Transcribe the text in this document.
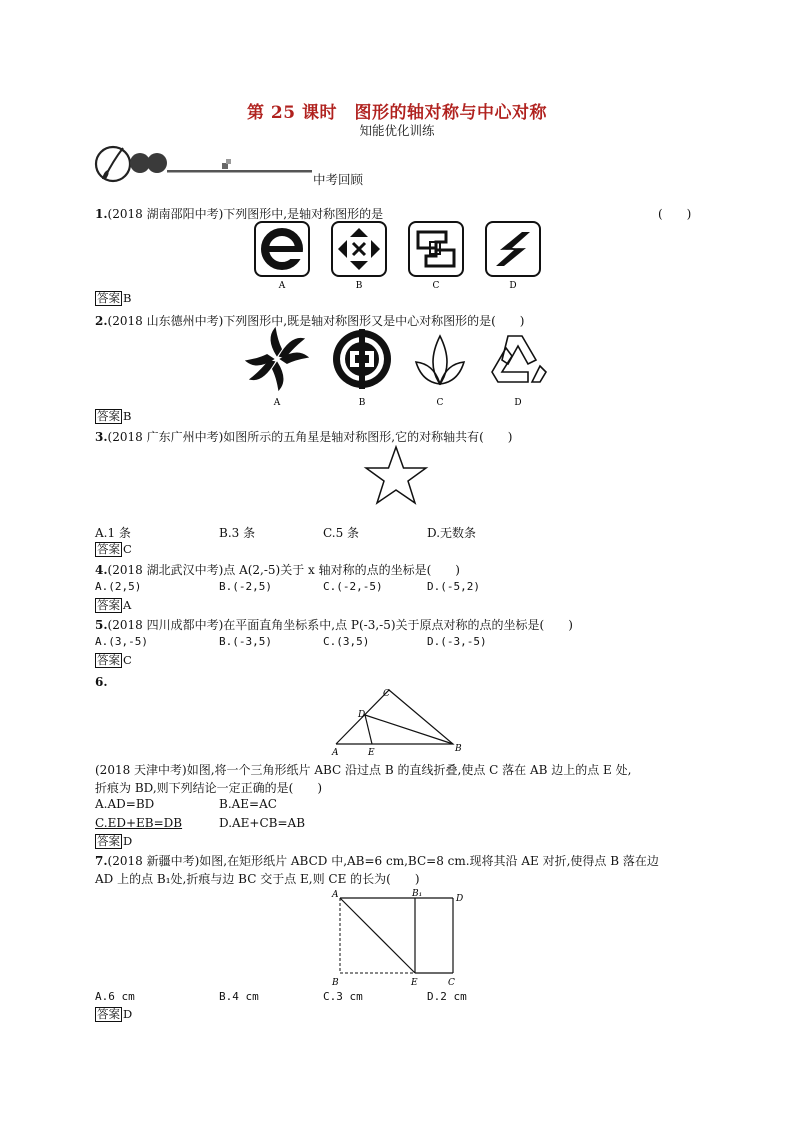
第 25 课时　图形的轴对称与中心对称
知能优化训练
中考回顾
1.(2018 湖南邵阳中考)下列图形中,是轴对称图形的是	(　　)
A	B	C	D
答案 B
2.(2018 山东德州中考)下列图形中,既是轴对称图形又是中心对称图形的是(　　)
A	B	C	D
答案 B
3.(2018 广东广州中考)如图所示的五角星是轴对称图形,它的对称轴共有(　　)
A.1 条	B.3 条	C.5 条	D.无数条
答案 C
4.(2018 湖北武汉中考)点 A(2,-5)关于 x 轴对称的点的坐标是(　　)
A.(2,5)	B.(-2,5)	C.(-2,-5)	D.(-5,2)
答案 A
5.(2018 四川成都中考)在平面直角坐标系中,点 P(-3,-5)关于原点对称的点的坐标是(　　)
A.(3,-5)	B.(-3,5)	C.(3,5)	D.(-3,-5)
答案 C
6.
C
D
A	E	B
(2018 天津中考)如图,将一个三角形纸片 ABC 沿过点 B 的直线折叠,使点 C 落在 AB 边上的点 E 处,
折痕为 BD,则下列结论一定正确的是(　　)
A.AD=BD	B.AE=AC
C.ED+EB=DB	D.AE+CB=AB
答案 D
7.(2018 新疆中考)如图,在矩形纸片 ABCD 中,AB=6 cm,BC=8 cm.现将其沿 AE 对折,使得点 B 落在边
AD 上的点 B₁处,折痕与边 BC 交于点 E,则 CE 的长为(　　)
A	B₁	D
B	E	C
A.6 cm	B.4 cm	C.3 cm	D.2 cm
答案 D
